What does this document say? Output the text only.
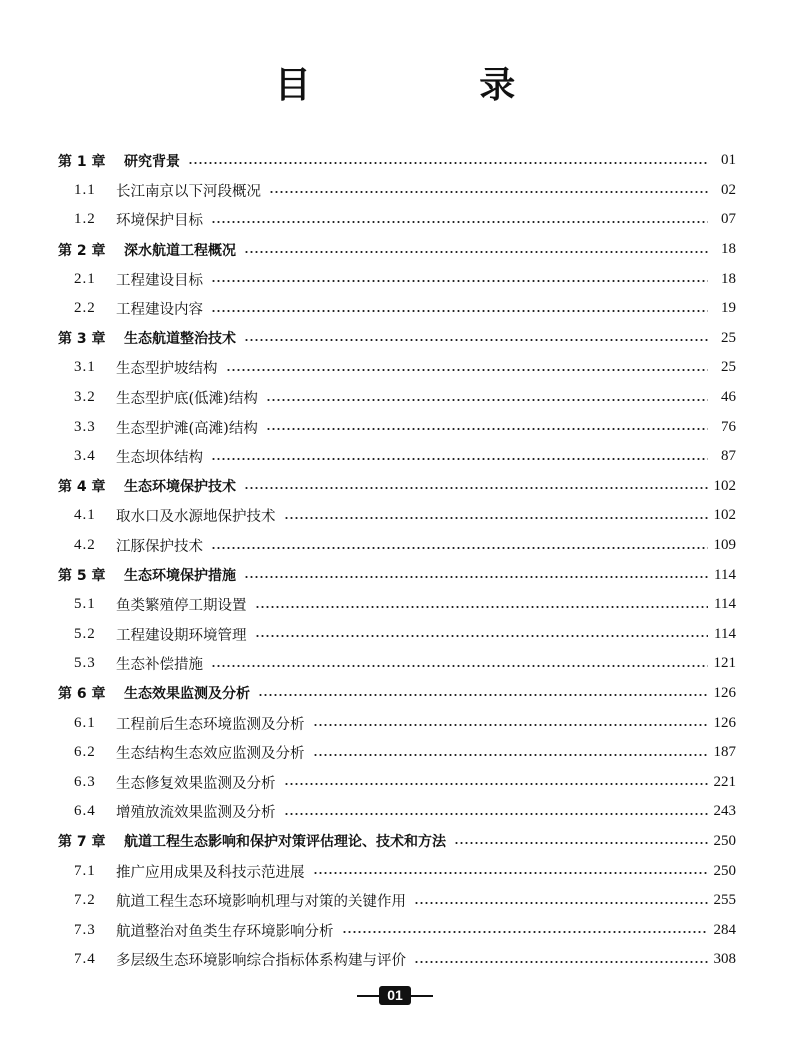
目 录
第 1 章	研究背景	01
1.1	长江南京以下河段概况	02
1.2	环境保护目标	07
第 2 章	深水航道工程概况	18
2.1	工程建设目标	18
2.2	工程建设内容	19
第 3 章	生态航道整治技术	25
3.1	生态型护坡结构	25
3.2	生态型护底(低滩)结构	46
3.3	生态型护滩(高滩)结构	76
3.4	生态坝体结构	87
第 4 章	生态环境保护技术	102
4.1	取水口及水源地保护技术	102
4.2	江豚保护技术	109
第 5 章	生态环境保护措施	114
5.1	鱼类繁殖停工期设置	114
5.2	工程建设期环境管理	114
5.3	生态补偿措施	121
第 6 章	生态效果监测及分析	126
6.1	工程前后生态环境监测及分析	126
6.2	生态结构生态效应监测及分析	187
6.3	生态修复效果监测及分析	221
6.4	增殖放流效果监测及分析	243
第 7 章	航道工程生态影响和保护对策评估理论、技术和方法	250
7.1	推广应用成果及科技示范进展	250
7.2	航道工程生态环境影响机理与对策的关键作用	255
7.3	航道整治对鱼类生存环境影响分析	284
7.4	多层级生态环境影响综合指标体系构建与评价	308
01
